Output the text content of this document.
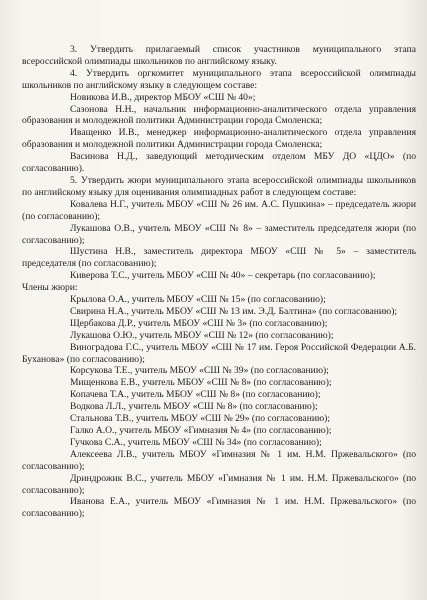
3. Утвердить прилагаемый список участников муниципального этапа всероссийской олимпиады школьников по английскому языку.

4. Утвердить оргкомитет муниципального этапа всероссийской олимпиады школьников по английскому языку в следующем составе:

Новикова И.В., директор МБОУ «СШ № 40»;

Сазонова Н.Н., начальник информационно-аналитического отдела управления образования и молодежной политики Администрации города Смоленска;

Иващенко И.В., менеджер информационно-аналитического отдела управления образования и молодежной политики Администрации города Смоленска;

Васинова Н.Д., заведующий методическим отделом МБУ ДО «ЦДО» (по согласованию).

5. Утвердить жюри муниципального этапа всероссийской олимпиады школьников по английскому языку для оценивания олимпиадных работ в следующем составе:

Ковалева Н.Г., учитель МБОУ «СШ № 26 им. А.С. Пушкина» – председатель жюри (по согласованию);

Лукашова О.В., учитель МБОУ «СШ № 8» – заместитель председателя жюри (по согласованию);

Шустина Н.В., заместитель директора МБОУ «СШ № 5» – заместитель председателя (по согласованию);

Киверова Т.С., учитель МБОУ «СШ № 40» – секретарь (по согласованию);

Члены жюри:

Крылова О.А., учитель МБОУ «СШ № 15» (по согласованию);

Свирина Н.А., учитель МБОУ «СШ № 13 им. Э.Д. Балтина» (по согласованию);

Щербакова Д.Р., учитель МБОУ «СШ № 3» (по согласованию);

Лукашова О.Ю., учитель МБОУ «СШ № 12» (по согласованию);

Виноградова Г.С., учитель МБОУ «СШ № 17 им. Героя Российской Федерации А.Б. Буханова» (по согласованию);

Корсукова Т.Е., учитель МБОУ «СШ № 39» (по согласованию);

Мищенкова Е.В., учитель МБОУ «СШ № 8» (по согласованию);

Копачева Т.А., учитель МБОУ «СШ № 8» (по согласованию);

Водкова Л.Л., учитель МБОУ «СШ № 8» (по согласованию);

Стальнова Т.В., учитель МБОУ «СШ № 29» (по согласованию);

Галко А.О., учитель МБОУ «Гимназия № 4» (по согласованию);

Гучкова С.А., учитель МБОУ «СШ № 34» (по согласованию);

Алексеева Л.В., учитель МБОУ «Гимназия № 1 им. Н.М. Пржевальского» (по согласованию);

Дриндрожик В.С., учитель МБОУ «Гимназия № 1 им. Н.М. Пржевальского» (по согласованию);

Иванова Е.А., учитель МБОУ «Гимназия № 1 им. Н.М. Пржевальского» (по согласованию);
